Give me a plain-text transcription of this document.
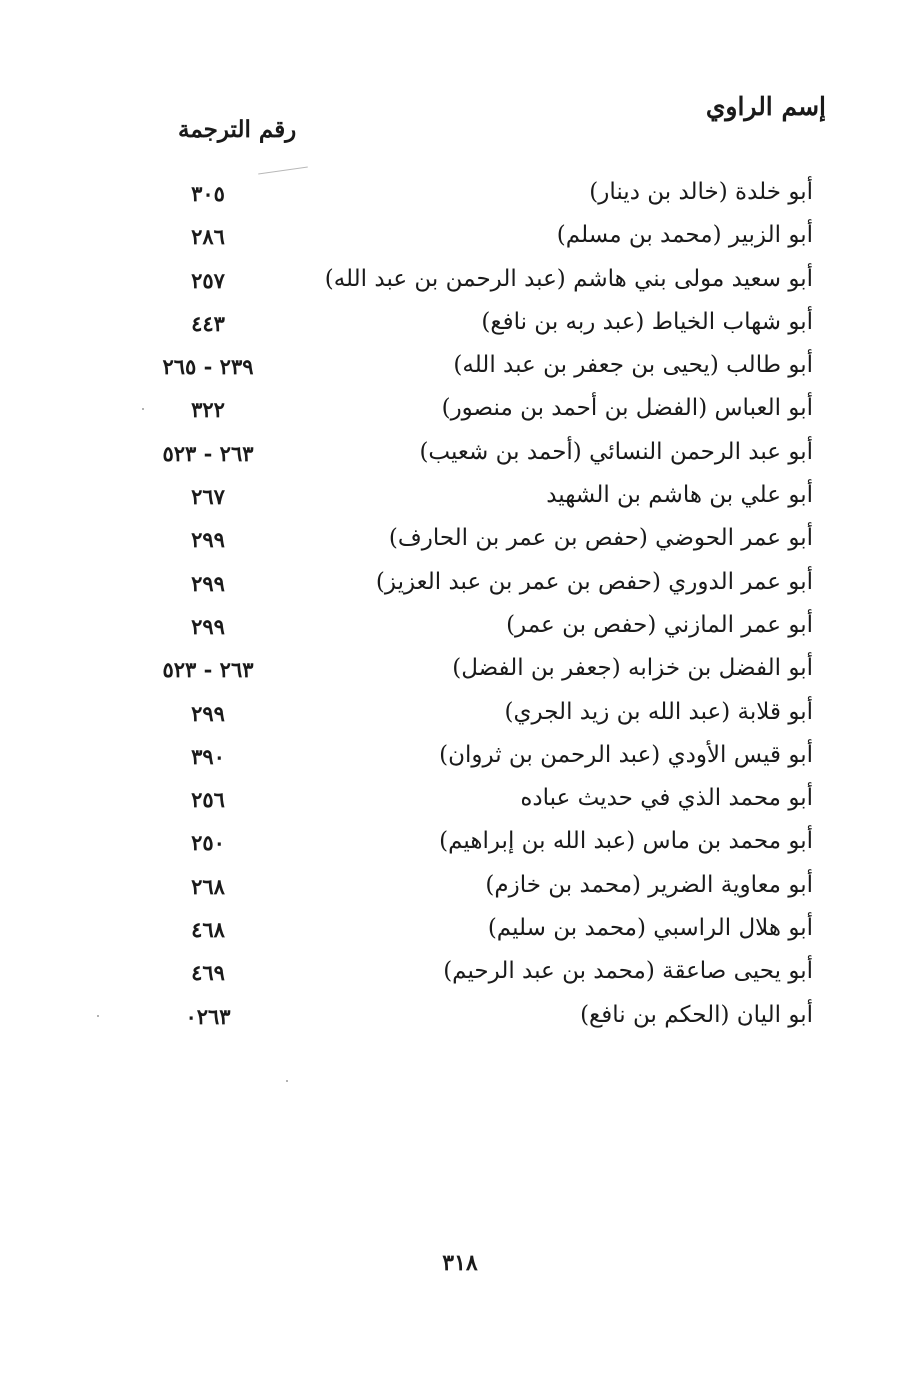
إسم الراوي
رقم الترجمة
أبو خلدة (خالد بن دينار)
٣٠٥
أبو الزبير (محمد بن مسلم)
٢٨٦
أبو سعيد مولى بني هاشم (عبد الرحمن بن عبد الله)
٢٥٧
أبو شهاب الخياط (عبد ربه بن نافع)
٤٤٣
أبو طالب (يحيى بن جعفر بن عبد الله)
٢٣٩ - ٢٦٥
أبو العباس (الفضل بن أحمد بن منصور)
٣٢٢
أبو عبد الرحمن النسائي (أحمد بن شعيب)
٢٦٣ - ٥٢٣
أبو علي بن هاشم بن الشهيد
٢٦٧
أبو عمر الحوضي (حفص بن عمر بن الحارف)
٢٩٩
أبو عمر الدوري (حفص بن عمر بن عبد العزيز)
٢٩٩
أبو عمر المازني (حفص بن عمر)
٢٩٩
أبو الفضل بن خزابه (جعفر بن الفضل)
٢٦٣ - ٥٢٣
أبو قلابة (عبد الله بن زيد الجري)
٢٩٩
أبو قيس الأودي (عبد الرحمن بن ثروان)
٣٩٠
أبو محمد الذي في حديث عباده
٢٥٦
أبو محمد بن ماس (عبد الله بن إبراهيم)
٢٥٠
أبو معاوية الضرير (محمد بن خازم)
٢٦٨
أبو هلال الراسبي (محمد بن سليم)
٤٦٨
أبو يحيى صاعقة (محمد بن عبد الرحيم)
٤٦٩
أبو اليان (الحكم بن نافع)
٠٢٦٣
٣١٨
